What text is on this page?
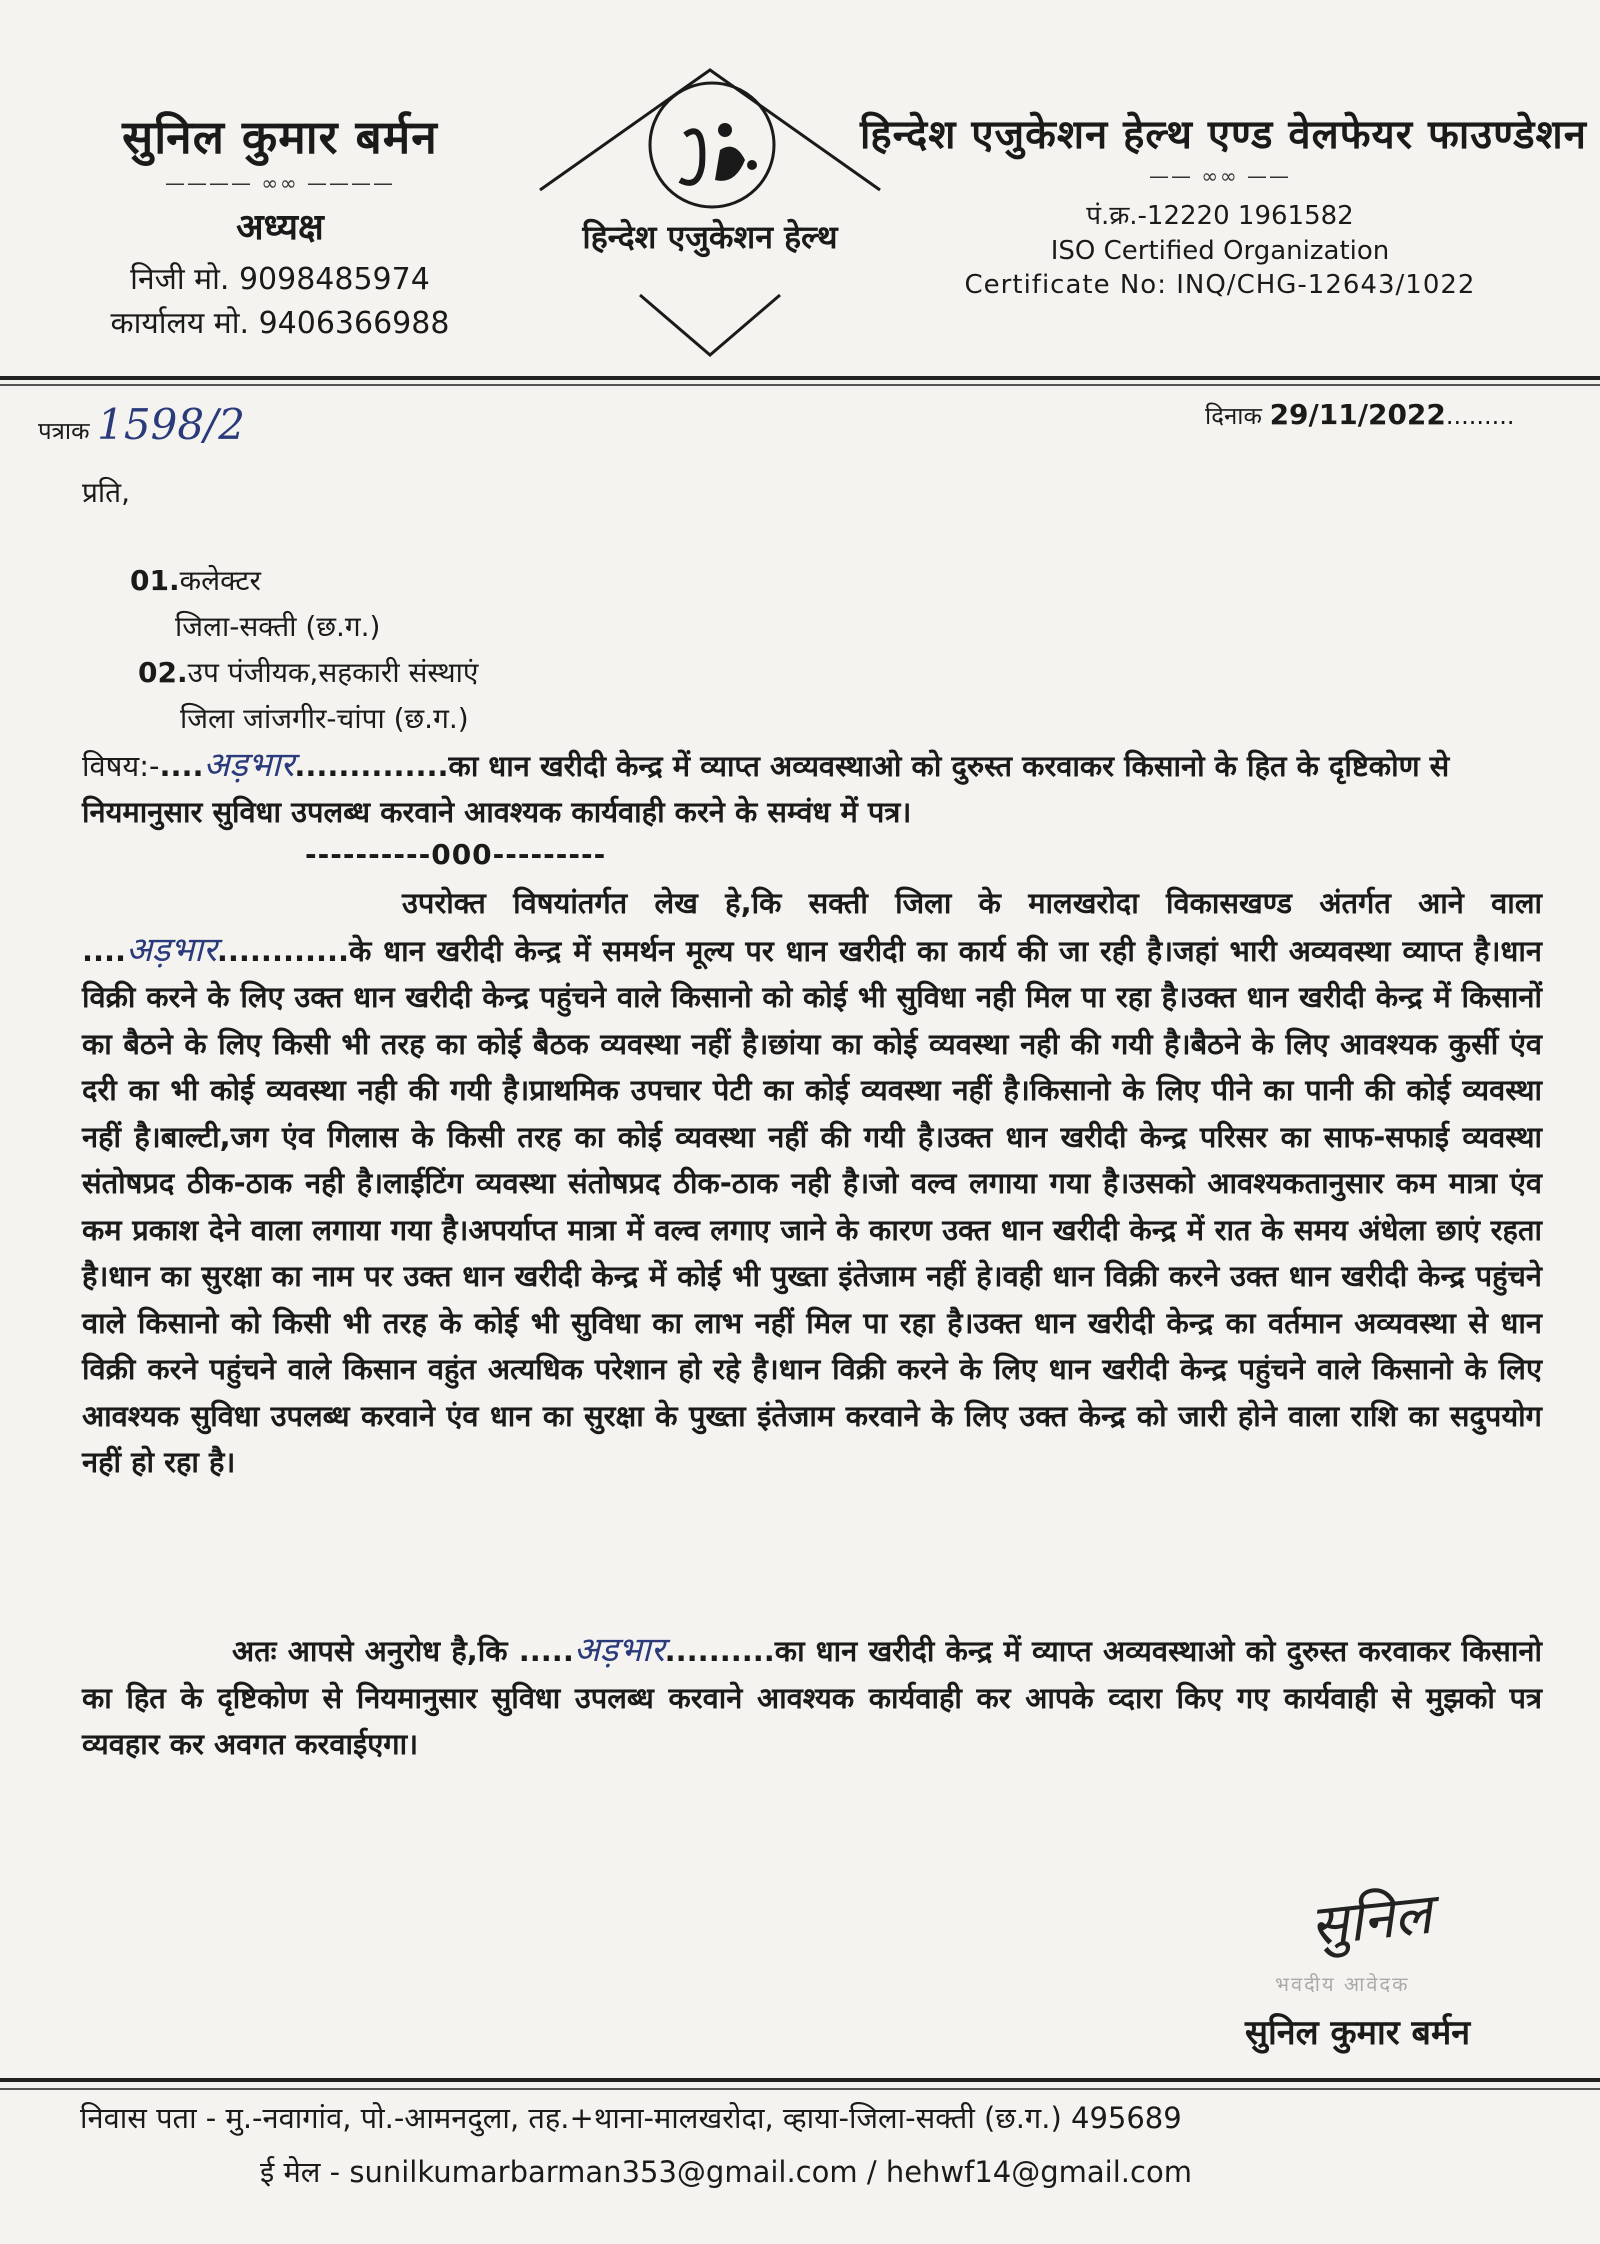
सुनिल कुमार बर्मन
———— ∞∞ ————
अध्यक्ष
निजी मो. 9098485974
कार्यालय मो. 9406366988
हिन्देश एजुकेशन हेल्थ
हिन्देश एजुकेशन हेल्थ एण्ड वेलफेयर फाउण्डेशन
—— ∞∞ ——
पं.क्र.-12220 1961582
ISO Certified Organization
Certificate No: INQ/CHG-12643/1022
पत्राक 1598/2	दिनाक 29/11/2022.........
प्रति,
01.कलेक्टर
जिला-सक्ती (छ.ग.)
02.उप पंजीयक,सहकारी संस्थाएं
जिला जांजगीर-चांपा (छ.ग.)
विषय:-....अड़भार..............का धान खरीदी केन्द्र में व्याप्त अव्यवस्थाओ को दुरुस्त करवाकर किसानो के हित के दृष्टिकोण से नियमानुसार सुविधा उपलब्ध करवाने आवश्यक कार्यवाही करने के सम्वंध में पत्र।
----------000---------
उपरोक्त विषयांतर्गत लेख हे,कि सक्ती जिला के मालखरोदा विकासखण्ड अंतर्गत आने वाला ....अड़भार............के धान खरीदी केन्द्र में समर्थन मूल्य पर धान खरीदी का कार्य की जा रही है।जहां भारी अव्यवस्था व्याप्त है।धान विक्री करने के लिए उक्त धान खरीदी केन्द्र पहुंचने वाले किसानो को कोई भी सुविधा नही मिल पा रहा है।उक्त धान खरीदी केन्द्र में किसानों का बैठने के लिए किसी भी तरह का कोई बैठक व्यवस्था नहीं है।छांया का कोई व्यवस्था नही की गयी है।बैठने के लिए आवश्यक कुर्सी एंव दरी का भी कोई व्यवस्था नही की गयी है।प्राथमिक उपचार पेटी का कोई व्यवस्था नहीं है।किसानो के लिए पीने का पानी की कोई व्यवस्था नहीं है।बाल्टी,जग एंव गिलास के किसी तरह का कोई व्यवस्था नहीं की गयी है।उक्त धान खरीदी केन्द्र परिसर का साफ-सफाई व्यवस्था संतोषप्रद ठीक-ठाक नही है।लाईटिंग व्यवस्था संतोषप्रद ठीक-ठाक नही है।जो वल्व लगाया गया है।उसको आवश्यकतानुसार कम मात्रा एंव कम प्रकाश देने वाला लगाया गया है।अपर्याप्त मात्रा में वल्व लगाए जाने के कारण उक्त धान खरीदी केन्द्र में रात के समय अंधेला छाएं रहता है।धान का सुरक्षा का नाम पर उक्त धान खरीदी केन्द्र में कोई भी पुख्ता इंतेजाम नहीं हे।वही धान विक्री करने उक्त धान खरीदी केन्द्र पहुंचने वाले किसानो को किसी भी तरह के कोई भी सुविधा का लाभ नहीं मिल पा रहा है।उक्त धान खरीदी केन्द्र का वर्तमान अव्यवस्था से धान विक्री करने पहुंचने वाले किसान वहुंत अत्यधिक परेशान हो रहे है।धान विक्री करने के लिए धान खरीदी केन्द्र पहुंचने वाले किसानो के लिए आवश्यक सुविधा उपलब्ध करवाने एंव धान का सुरक्षा के पुख्ता इंतेजाम करवाने के लिए उक्त केन्द्र को जारी होने वाला राशि का सदुपयोग नहीं हो रहा है।
अतः आपसे अनुरोध है,कि .....अड़भार..........का धान खरीदी केन्द्र में व्याप्त अव्यवस्थाओ को दुरुस्त करवाकर किसानो का हित के दृष्टिकोण से नियमानुसार सुविधा उपलब्ध करवाने आवश्यक कार्यवाही कर आपके व्दारा किए गए कार्यवाही से मुझको पत्र व्यवहार कर अवगत करवाईएगा।
सुनिल
भवदीय आवेदक
सुनिल कुमार बर्मन
निवास पता - मु.-नवागांव, पो.-आमनदुला, तह.+थाना-मालखरोदा, व्हाया-जिला-सक्ती (छ.ग.) 495689
ई मेल - sunilkumarbarman353@gmail.com / hehwf14@gmail.com
